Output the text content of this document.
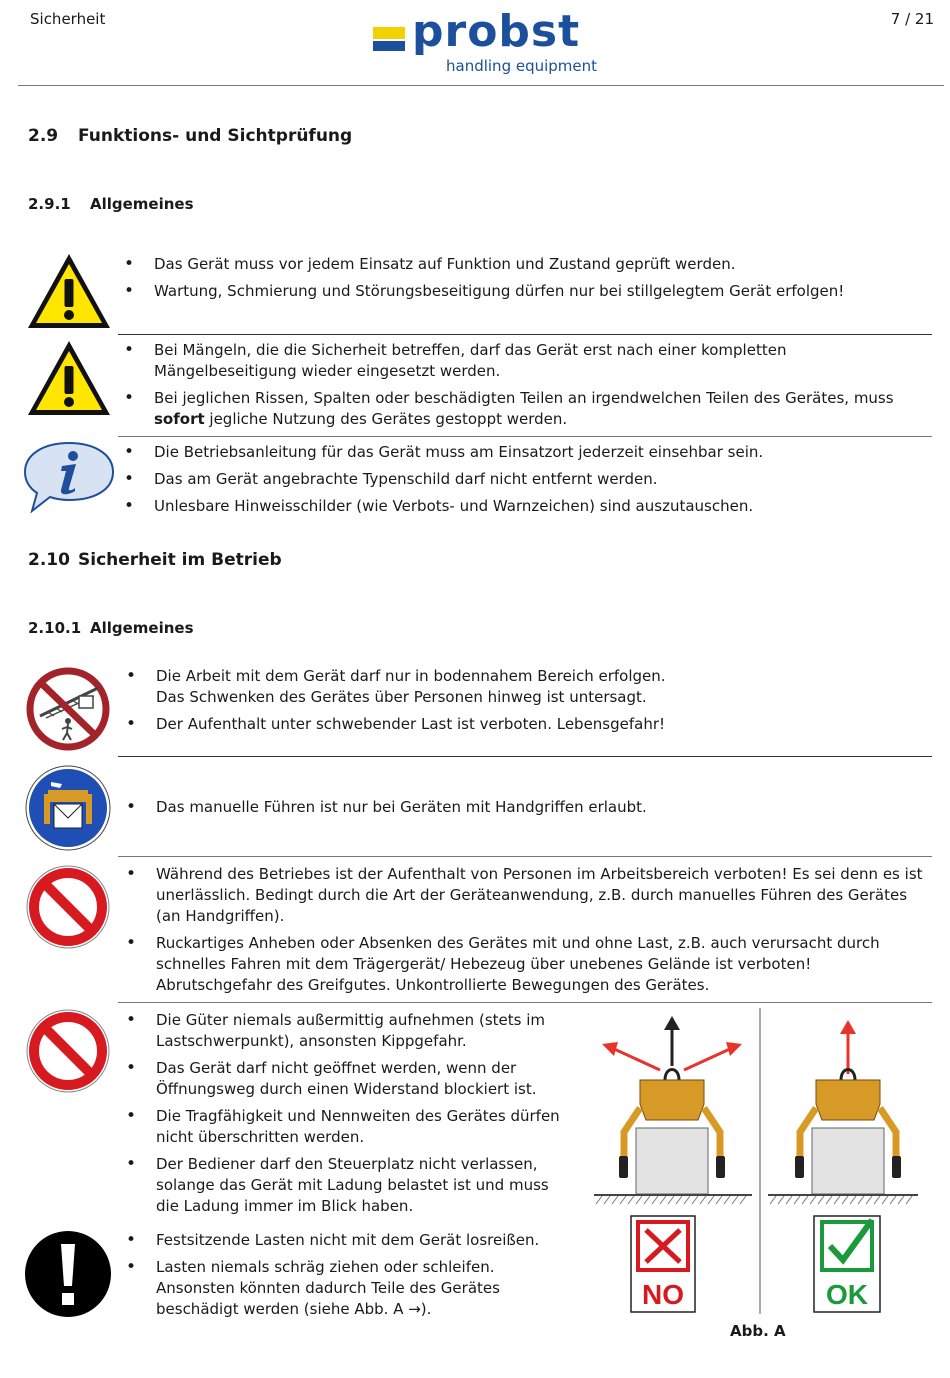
Sicherheit	7 / 21
probst
handling equipment
2.9 Funktions- und Sichtprüfung
2.9.1 Allgemeines
• Das Gerät muss vor jedem Einsatz auf Funktion und Zustand geprüft werden.
• Wartung, Schmierung und Störungsbeseitigung dürfen nur bei stillgelegtem Gerät erfolgen!
• Bei Mängeln, die die Sicherheit betreffen, darf das Gerät erst nach einer kompletten Mängelbeseitigung wieder eingesetzt werden.
• Bei jeglichen Rissen, Spalten oder beschädigten Teilen an irgendwelchen Teilen des Gerätes, muss sofort jegliche Nutzung des Gerätes gestoppt werden.
• Die Betriebsanleitung für das Gerät muss am Einsatzort jederzeit einsehbar sein.
• Das am Gerät angebrachte Typenschild darf nicht entfernt werden.
• Unlesbare Hinweisschilder (wie Verbots- und Warnzeichen) sind auszutauschen.
2.10 Sicherheit im Betrieb
2.10.1 Allgemeines
• Die Arbeit mit dem Gerät darf nur in bodennahem Bereich erfolgen.
Das Schwenken des Gerätes über Personen hinweg ist untersagt.
• Der Aufenthalt unter schwebender Last ist verboten. Lebensgefahr!
• Das manuelle Führen ist nur bei Geräten mit Handgriffen erlaubt.
• Während des Betriebes ist der Aufenthalt von Personen im Arbeitsbereich verboten! Es sei denn es ist unerlässlich. Bedingt durch die Art der Geräteanwendung, z.B. durch manuelles Führen des Gerätes (an Handgriffen).
• Ruckartiges Anheben oder Absenken des Gerätes mit und ohne Last, z.B. auch verursacht durch schnelles Fahren mit dem Trägergerät/ Hebezeug über unebenes Gelände ist verboten!
Abrutschgefahr des Greifgutes. Unkontrollierte Bewegungen des Gerätes.
• Die Güter niemals außermittig aufnehmen (stets im Lastschwerpunkt), ansonsten Kippgefahr.
• Das Gerät darf nicht geöffnet werden, wenn der Öffnungsweg durch einen Widerstand blockiert ist.
• Die Tragfähigkeit und Nennweiten des Gerätes dürfen nicht überschritten werden.
• Der Bediener darf den Steuerplatz nicht verlassen, solange das Gerät mit Ladung belastet ist und muss die Ladung immer im Blick haben.
• Festsitzende Lasten nicht mit dem Gerät losreißen.
• Lasten niemals schräg ziehen oder schleifen. Ansonsten könnten dadurch Teile des Gerätes beschädigt werden (siehe Abb. A →).	NO	OK
Abb. A
